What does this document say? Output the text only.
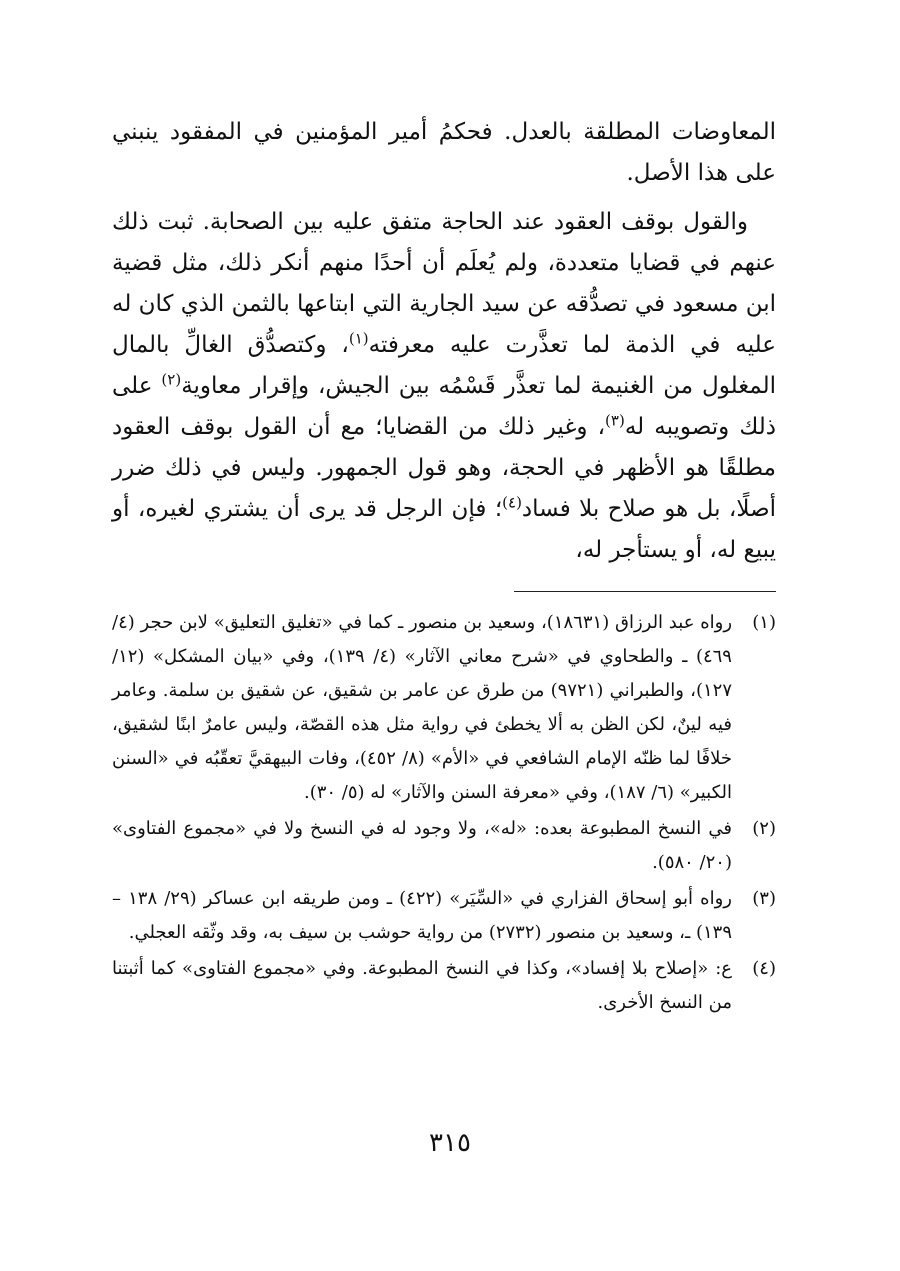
المعاوضات المطلقة بالعدل. فحكمُ أمير المؤمنين في المفقود ينبني على هذا الأصل.

والقول بوقف العقود عند الحاجة متفق عليه بين الصحابة. ثبت ذلك عنهم في قضايا متعددة، ولم يُعلَم أن أحدًا منهم أنكر ذلك، مثل قضية ابن مسعود في تصدُّقه عن سيد الجارية التي ابتاعها بالثمن الذي كان له عليه في الذمة لما تعذَّرت عليه معرفته$^{(١)}$، وكتصدُّق الغالِّ بالمال المغلول من الغنيمة لما تعذَّر قَسْمُه بين الجيش، وإقرار معاوية$^{(٢)}$ على ذلك وتصويبه له$^{(٣)}$، وغير ذلك من القضايا؛ مع أن القول بوقف العقود مطلقًا هو الأظهر في الحجة، وهو قول الجمهور. وليس في ذلك ضرر أصلًا، بل هو صلاح بلا فساد$^{(٤)}$؛ فإن الرجل قد يرى أن يشتري لغيره، أو يبيع له، أو يستأجر له،

(١)
رواه عبد الرزاق (١٨٦٣١)، وسعيد بن منصور ـ كما في «تغليق التعليق» لابن حجر (٤/ ٤٦٩) ـ والطحاوي في «شرح معاني الآثار» (٤/ ١٣٩)، وفي «بيان المشكل» (١٢/ ١٢٧)، والطبراني (٩٧٢١) من طرق عن عامر بن شقيق، عن شقيق بن سلمة. وعامر فيه لينٌ، لكن الظن به ألا يخطئ في رواية مثل هذه القصّة، وليس عامرٌ ابنًا لشقيق، خلافًا لما ظنّه الإمام الشافعي في «الأم» (٨/ ٤٥٢)، وفات البيهقيَّ تعقّبُه في «السنن الكبير» (٦/ ١٨٧)، وفي «معرفة السنن والآثار» له (٥/ ٣٠).
(٢)
في النسخ المطبوعة بعده: «له»، ولا وجود له في النسخ ولا في «مجموع الفتاوى» (٢٠/ ٥٨٠).
(٣)
رواه أبو إسحاق الفزاري في «السِّيَر» (٤٢٢) ـ ومن طريقه ابن عساكر (٢٩/ ١٣٨ – ١٣٩) ـ، وسعيد بن منصور (٢٧٣٢) من رواية حوشب بن سيف به، وقد وثّقه العجلي.
(٤)
ع: «إصلاح بلا إفساد»، وكذا في النسخ المطبوعة. وفي «مجموع الفتاوى» كما أثبتنا من النسخ الأخرى.
٣١٥
